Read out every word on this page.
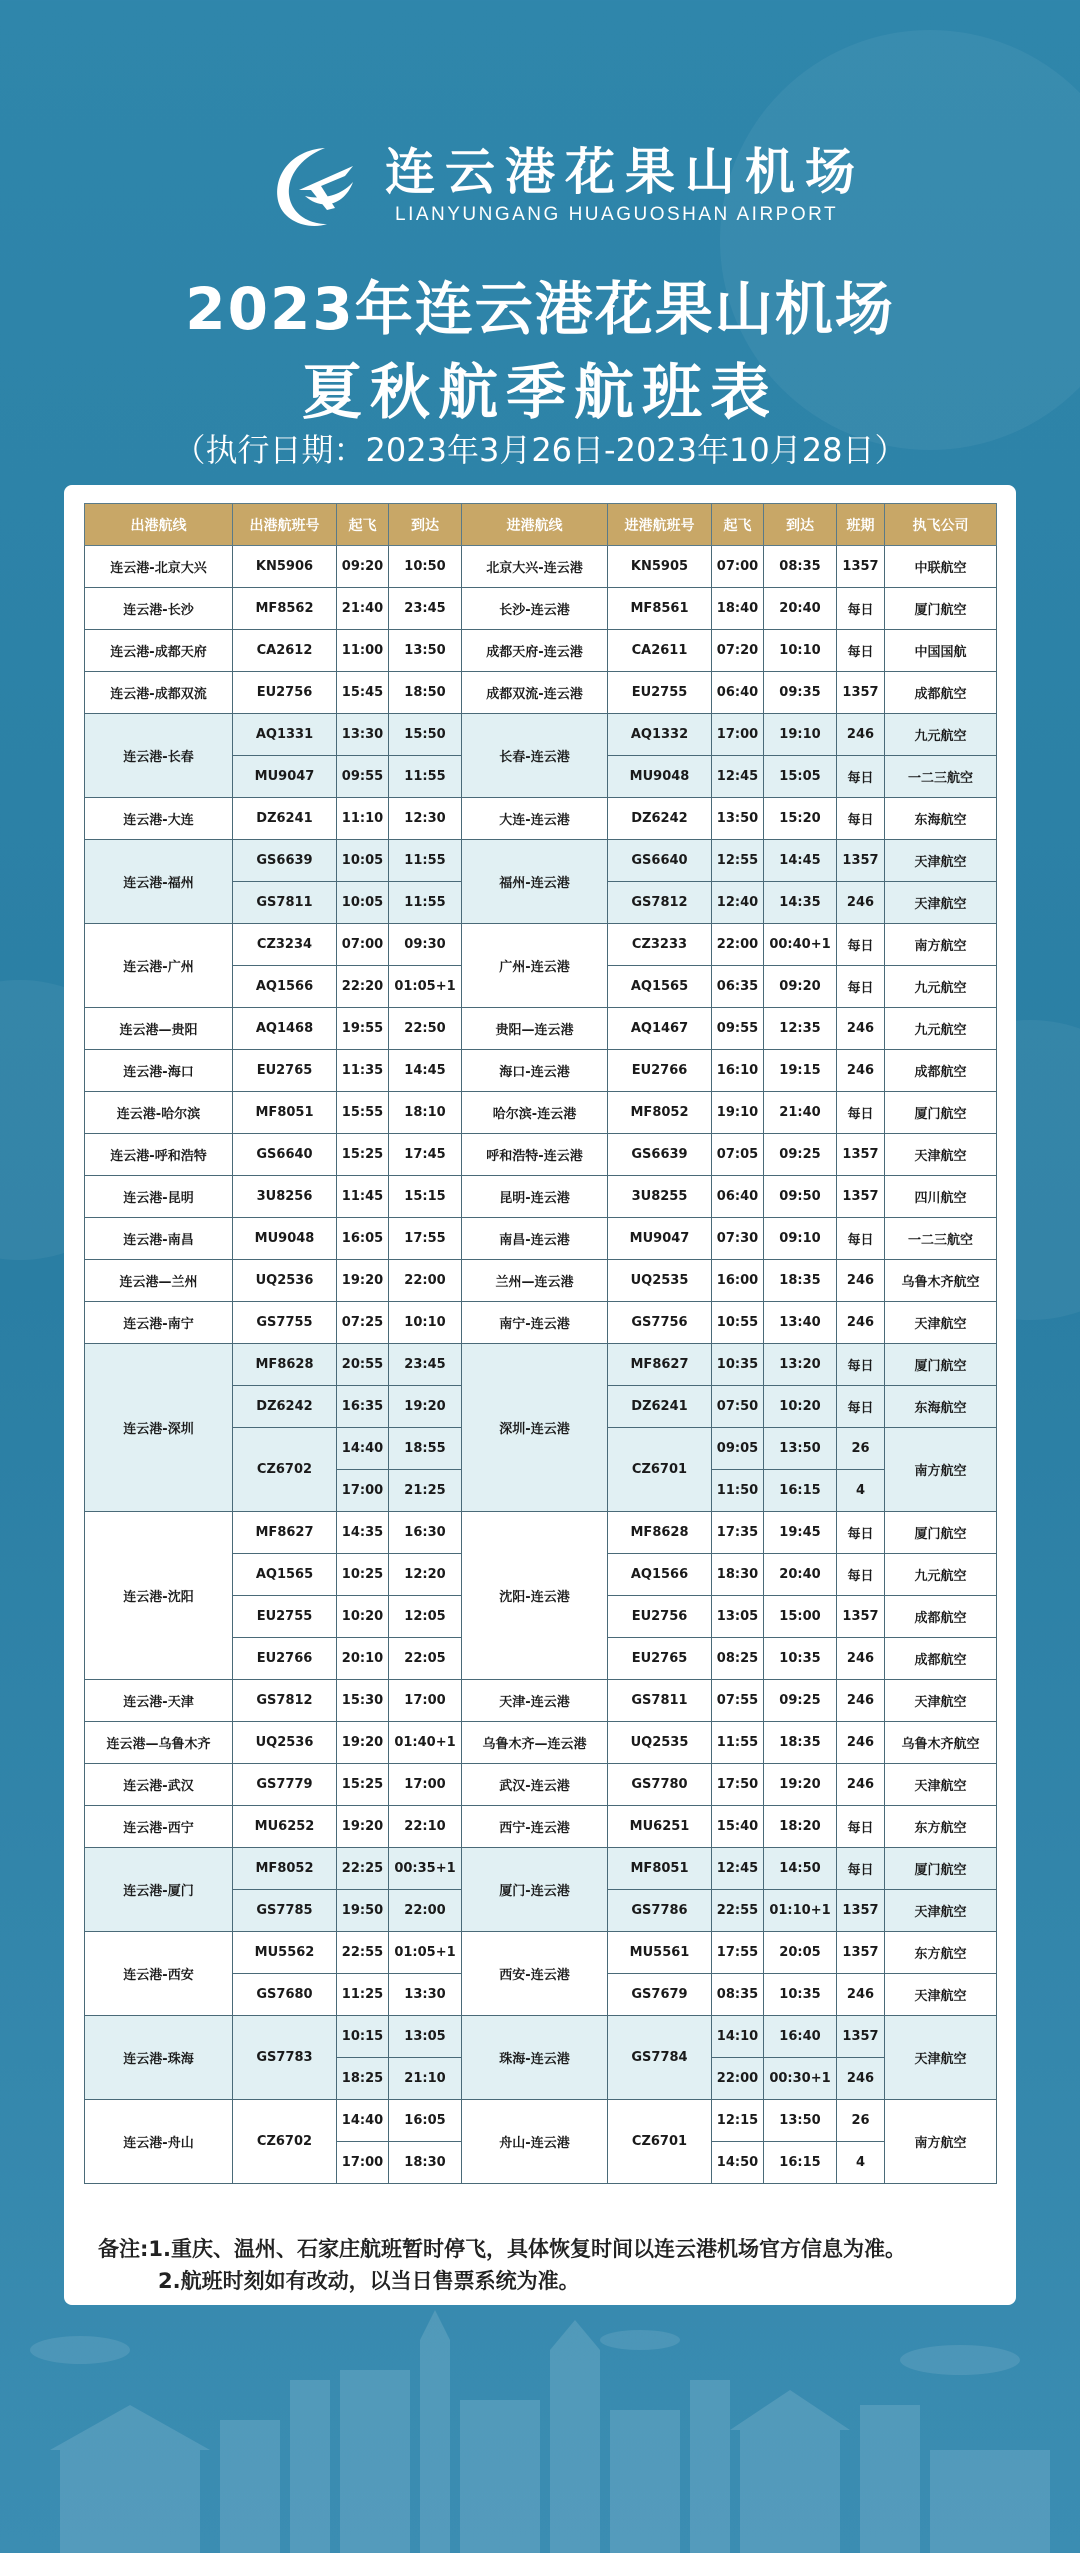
连云港花果山机场
LIANYUNGANG HUAGUOSHAN AIRPORT
2023年连云港花果山机场
夏秋航季航班表
（执行日期：2023年3月26日-2023年10月28日）
出港航线	出港航班号	起飞	到达	进港航线	进港航班号	起飞	到达	班期	执飞公司
连云港-北京大兴	KN5906	09:20	10:50	北京大兴-连云港	KN5905	07:00	08:35	1357	中联航空
连云港-长沙	MF8562	21:40	23:45	长沙-连云港	MF8561	18:40	20:40	每日	厦门航空
连云港-成都天府	CA2612	11:00	13:50	成都天府-连云港	CA2611	07:20	10:10	每日	中国国航
连云港-成都双流	EU2756	15:45	18:50	成都双流-连云港	EU2755	06:40	09:35	1357	成都航空
连云港-长春	AQ1331	13:30	15:50	长春-连云港	AQ1332	17:00	19:10	246	九元航空
	MU9047	09:55	11:55		MU9048	12:45	15:05	每日	一二三航空
连云港-大连	DZ6241	11:10	12:30	大连-连云港	DZ6242	13:50	15:20	每日	东海航空
连云港-福州	GS6639	10:05	11:55	福州-连云港	GS6640	12:55	14:45	1357	天津航空
	GS7811	10:05	11:55		GS7812	12:40	14:35	246	天津航空
连云港-广州	CZ3234	07:00	09:30	广州-连云港	CZ3233	22:00	00:40+1	每日	南方航空
	AQ1566	22:20	01:05+1		AQ1565	06:35	09:20	每日	九元航空
连云港—贵阳	AQ1468	19:55	22:50	贵阳—连云港	AQ1467	09:55	12:35	246	九元航空
连云港-海口	EU2765	11:35	14:45	海口-连云港	EU2766	16:10	19:15	246	成都航空
连云港-哈尔滨	MF8051	15:55	18:10	哈尔滨-连云港	MF8052	19:10	21:40	每日	厦门航空
连云港-呼和浩特	GS6640	15:25	17:45	呼和浩特-连云港	GS6639	07:05	09:25	1357	天津航空
连云港-昆明	3U8256	11:45	15:15	昆明-连云港	3U8255	06:40	09:50	1357	四川航空
连云港-南昌	MU9048	16:05	17:55	南昌-连云港	MU9047	07:30	09:10	每日	一二三航空
连云港—兰州	UQ2536	19:20	22:00	兰州—连云港	UQ2535	16:00	18:35	246	乌鲁木齐航空
连云港-南宁	GS7755	07:25	10:10	南宁-连云港	GS7756	10:55	13:40	246	天津航空
连云港-深圳	MF8628	20:55	23:45	深圳-连云港	MF8627	10:35	13:20	每日	厦门航空
	DZ6242	16:35	19:20		DZ6241	07:50	10:20	每日	东海航空
	CZ6702	14:40	18:55		CZ6701	09:05	13:50	26	南方航空
		17:00	21:25			11:50	16:15	4	
连云港-沈阳	MF8627	14:35	16:30	沈阳-连云港	MF8628	17:35	19:45	每日	厦门航空
	AQ1565	10:25	12:20		AQ1566	18:30	20:40	每日	九元航空
	EU2755	10:20	12:05		EU2756	13:05	15:00	1357	成都航空
	EU2766	20:10	22:05		EU2765	08:25	10:35	246	成都航空
连云港-天津	GS7812	15:30	17:00	天津-连云港	GS7811	07:55	09:25	246	天津航空
连云港—乌鲁木齐	UQ2536	19:20	01:40+1	乌鲁木齐—连云港	UQ2535	11:55	18:35	246	乌鲁木齐航空
连云港-武汉	GS7779	15:25	17:00	武汉-连云港	GS7780	17:50	19:20	246	天津航空
连云港-西宁	MU6252	19:20	22:10	西宁-连云港	MU6251	15:40	18:20	每日	东方航空
连云港-厦门	MF8052	22:25	00:35+1	厦门-连云港	MF8051	12:45	14:50	每日	厦门航空
	GS7785	19:50	22:00		GS7786	22:55	01:10+1	1357	天津航空
连云港-西安	MU5562	22:55	01:05+1	西安-连云港	MU5561	17:55	20:05	1357	东方航空
	GS7680	11:25	13:30		GS7679	08:35	10:35	246	天津航空
连云港-珠海	GS7783	10:15	13:05	珠海-连云港	GS7784	14:10	16:40	1357	天津航空
		18:25	21:10			22:00	00:30+1	246	
连云港-舟山	CZ6702	14:40	16:05	舟山-连云港	CZ6701	12:15	13:50	26	南方航空
		17:00	18:30			14:50	16:15	4	
备注:1.重庆、温州、石家庄航班暂时停飞，具体恢复时间以连云港机场官方信息为准。
2.航班时刻如有改动，以当日售票系统为准。
